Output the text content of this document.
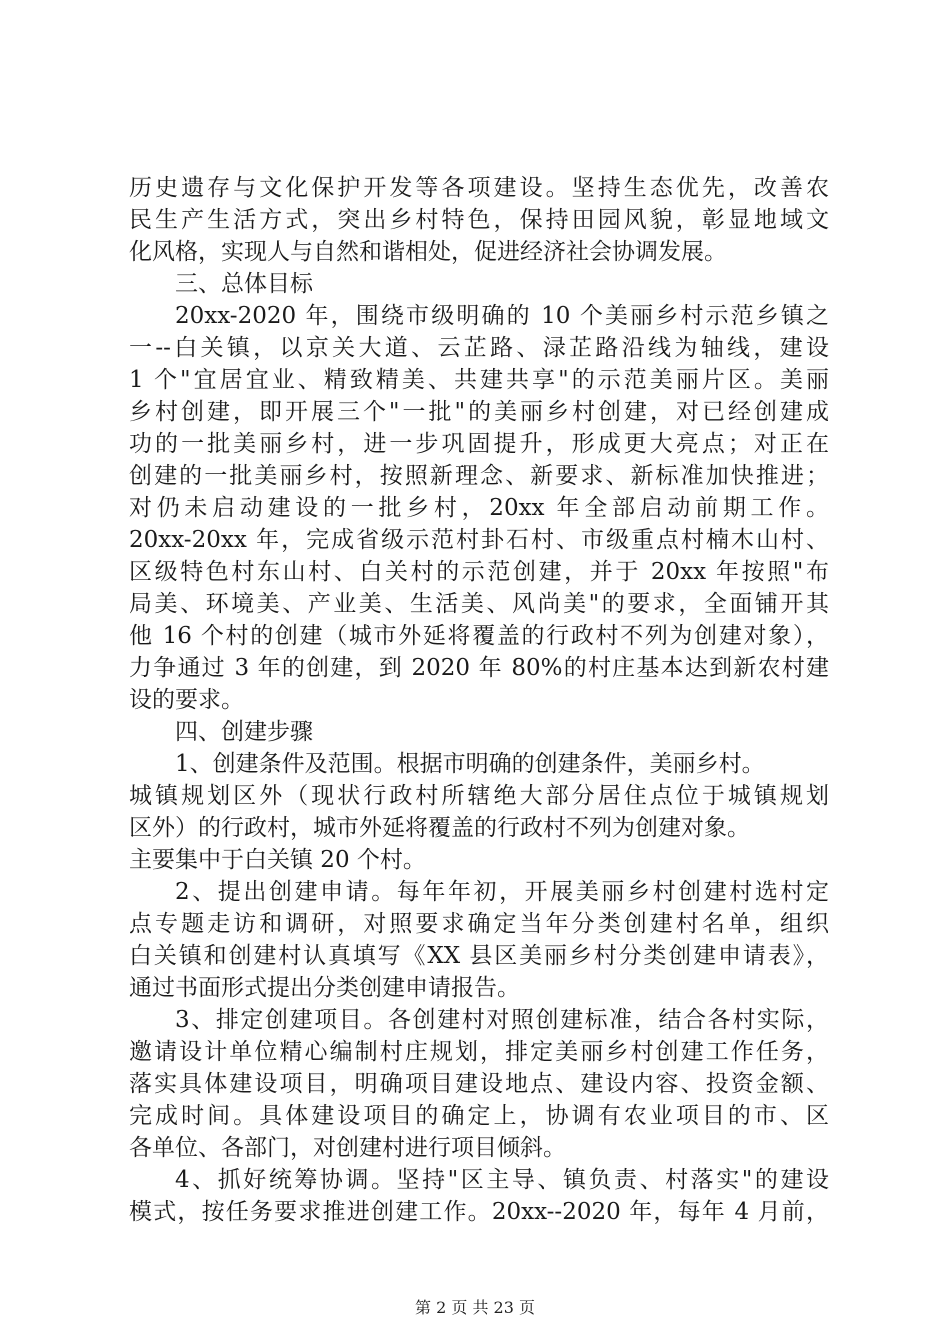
历史遗存与文化保护开发等各项建设。坚持生态优先，改善农
民生产生活方式，突出乡村特色，保持田园风貌，彰显地域文
化风格，实现人与自然和谐相处，促进经济社会协调发展。
三、总体目标
20xx-2020 年，围绕市级明确的 10 个美丽乡村示范乡镇之
一--白关镇，以京关大道、云芷路、渌芷路沿线为轴线，建设
1 个"宜居宜业、精致精美、共建共享"的示范美丽片区。美丽
乡村创建，即开展三个"一批"的美丽乡村创建，对已经创建成
功的一批美丽乡村，进一步巩固提升，形成更大亮点；对正在
创建的一批美丽乡村，按照新理念、新要求、新标准加快推进；
对仍未启动建设的一批乡村，20xx 年全部启动前期工作。
20xx-20xx 年，完成省级示范村卦石村、市级重点村楠木山村、
区级特色村东山村、白关村的示范创建，并于 20xx 年按照"布
局美、环境美、产业美、生活美、风尚美"的要求，全面铺开其
他 16 个村的创建（城市外延将覆盖的行政村不列为创建对象），
力争通过 3 年的创建，到 2020 年 80%的村庄基本达到新农村建
设的要求。
四、创建步骤
1、创建条件及范围。根据市明确的创建条件，美丽乡村。
城镇规划区外（现状行政村所辖绝大部分居住点位于城镇规划
区外）的行政村，城市外延将覆盖的行政村不列为创建对象。
主要集中于白关镇 20 个村。
2、提出创建申请。每年年初，开展美丽乡村创建村选村定
点专题走访和调研，对照要求确定当年分类创建村名单，组织
白关镇和创建村认真填写《XX 县区美丽乡村分类创建申请表》，
通过书面形式提出分类创建申请报告。
3、排定创建项目。各创建村对照创建标准，结合各村实际，
邀请设计单位精心编制村庄规划，排定美丽乡村创建工作任务，
落实具体建设项目，明确项目建设地点、建设内容、投资金额、
完成时间。具体建设项目的确定上，协调有农业项目的市、区
各单位、各部门，对创建村进行项目倾斜。
4、抓好统筹协调。坚持"区主导、镇负责、村落实"的建设
模式，按任务要求推进创建工作。20xx--2020 年，每年 4 月前，
第 2 页 共 23 页
